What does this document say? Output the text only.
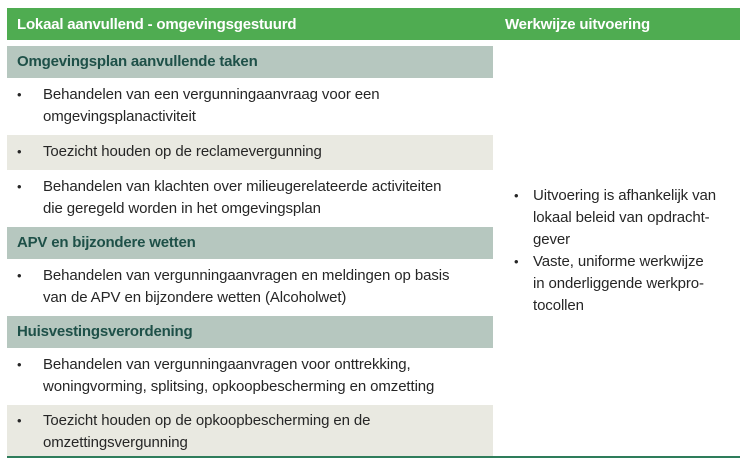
Lokaal aanvullend - omgevingsgestuurd	Werkwijze uitvoering
Omgevingsplan aanvullende taken
• Behandelen van een vergunningaanvraag voor een
omgevingsplanactiviteit
• Toezicht houden op de reclamevergunning
• Behandelen van klachten over milieugerelateerde activiteiten
die geregeld worden in het omgevingsplan
APV en bijzondere wetten
• Behandelen van vergunningaanvragen en meldingen op basis
van de APV en bijzondere wetten (Alcoholwet)
Huisvestingsverordening
• Behandelen van vergunningaanvragen voor onttrekking,
woningvorming, splitsing, opkoopbescherming en omzetting
• Toezicht houden op de opkoopbescherming en de
omzettingsvergunning
• Uitvoering is afhankelijk van
lokaal beleid van opdracht-
gever
• Vaste, uniforme werkwijze
in onderliggende werkpro-
tocollen
